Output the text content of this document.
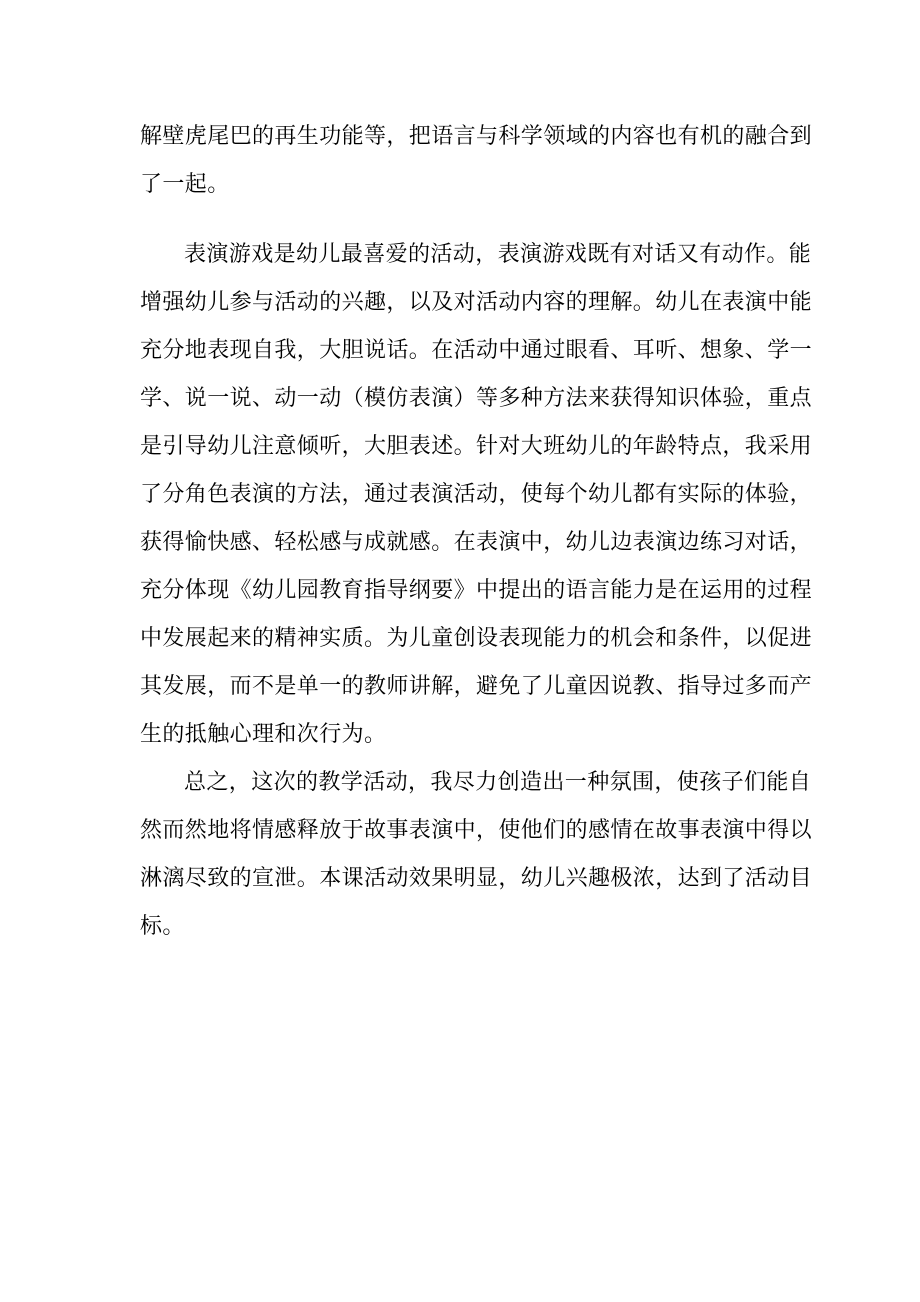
解壁虎尾巴的再生功能等，把语言与科学领域的内容也有机的融合到
了一起。
表演游戏是幼儿最喜爱的活动，表演游戏既有对话又有动作。能
增强幼儿参与活动的兴趣，以及对活动内容的理解。幼儿在表演中能
充分地表现自我，大胆说话。在活动中通过眼看、耳听、想象、学一
学、说一说、动一动（模仿表演）等多种方法来获得知识体验，重点
是引导幼儿注意倾听，大胆表述。针对大班幼儿的年龄特点，我采用
了分角色表演的方法，通过表演活动，使每个幼儿都有实际的体验，
获得愉快感、轻松感与成就感。在表演中，幼儿边表演边练习对话，
充分体现《幼儿园教育指导纲要》中提出的语言能力是在运用的过程
中发展起来的精神实质。为儿童创设表现能力的机会和条件，以促进
其发展，而不是单一的教师讲解，避免了儿童因说教、指导过多而产
生的抵触心理和次行为。
总之，这次的教学活动，我尽力创造出一种氛围，使孩子们能自
然而然地将情感释放于故事表演中，使他们的感情在故事表演中得以
淋漓尽致的宣泄。本课活动效果明显，幼儿兴趣极浓，达到了活动目
标。
